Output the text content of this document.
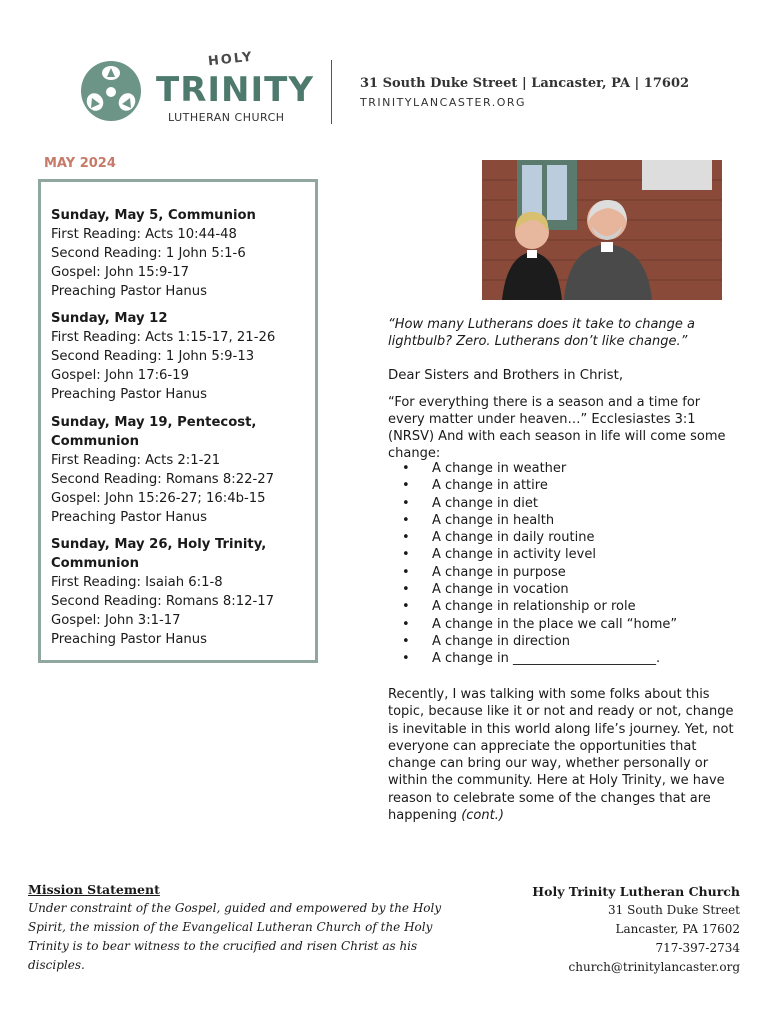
HOLY
TRINITY
LUTHERAN CHURCH
31 South Duke Street | Lancaster, PA | 17602
TRINITYLANCASTER.ORG
MAY 2024
Sunday, May 5, Communion
First Reading: Acts 10:44-48
Second Reading: 1 John 5:1-6
Gospel: John 15:9-17
Preaching Pastor Hanus
Sunday, May 12
First Reading: Acts 1:15-17, 21-26
Second Reading: 1 John 5:9-13
Gospel: John 17:6-19
Preaching Pastor Hanus
Sunday, May 19, Pentecost, Communion
First Reading: Acts 2:1-21
Second Reading: Romans 8:22-27
Gospel: John 15:26-27; 16:4b-15
Preaching Pastor Hanus
Sunday, May 26, Holy Trinity, Communion
First Reading: Isaiah 6:1-8
Second Reading: Romans 8:12-17
Gospel: John 3:1-17
Preaching Pastor Hanus
“How many Lutherans does it take to change a lightbulb? Zero. Lutherans don’t like change.”
Dear Sisters and Brothers in Christ,
“For everything there is a season and a time for every matter under heaven…” Ecclesiastes 3:1 (NRSV) And with each season in life will come some change:
• A change in weather
• A change in attire
• A change in diet
• A change in health
• A change in daily routine
• A change in activity level
• A change in purpose
• A change in vocation
• A change in relationship or role
• A change in the place we call “home”
• A change in direction
• A change in ______________________.
Recently, I was talking with some folks about this topic, because like it or not and ready or not, change is inevitable in this world along life’s journey. Yet, not everyone can appreciate the opportunities that change can bring our way, whether personally or within the community. Here at Holy Trinity, we have reason to celebrate some of the changes that are happening (cont.)
Mission Statement
Under constraint of the Gospel, guided and empowered by the Holy Spirit, the mission of the Evangelical Lutheran Church of the Holy Trinity is to bear witness to the crucified and risen Christ as his disciples.
Holy Trinity Lutheran Church
31 South Duke Street
Lancaster, PA 17602
717-397-2734
church@trinitylancaster.org
